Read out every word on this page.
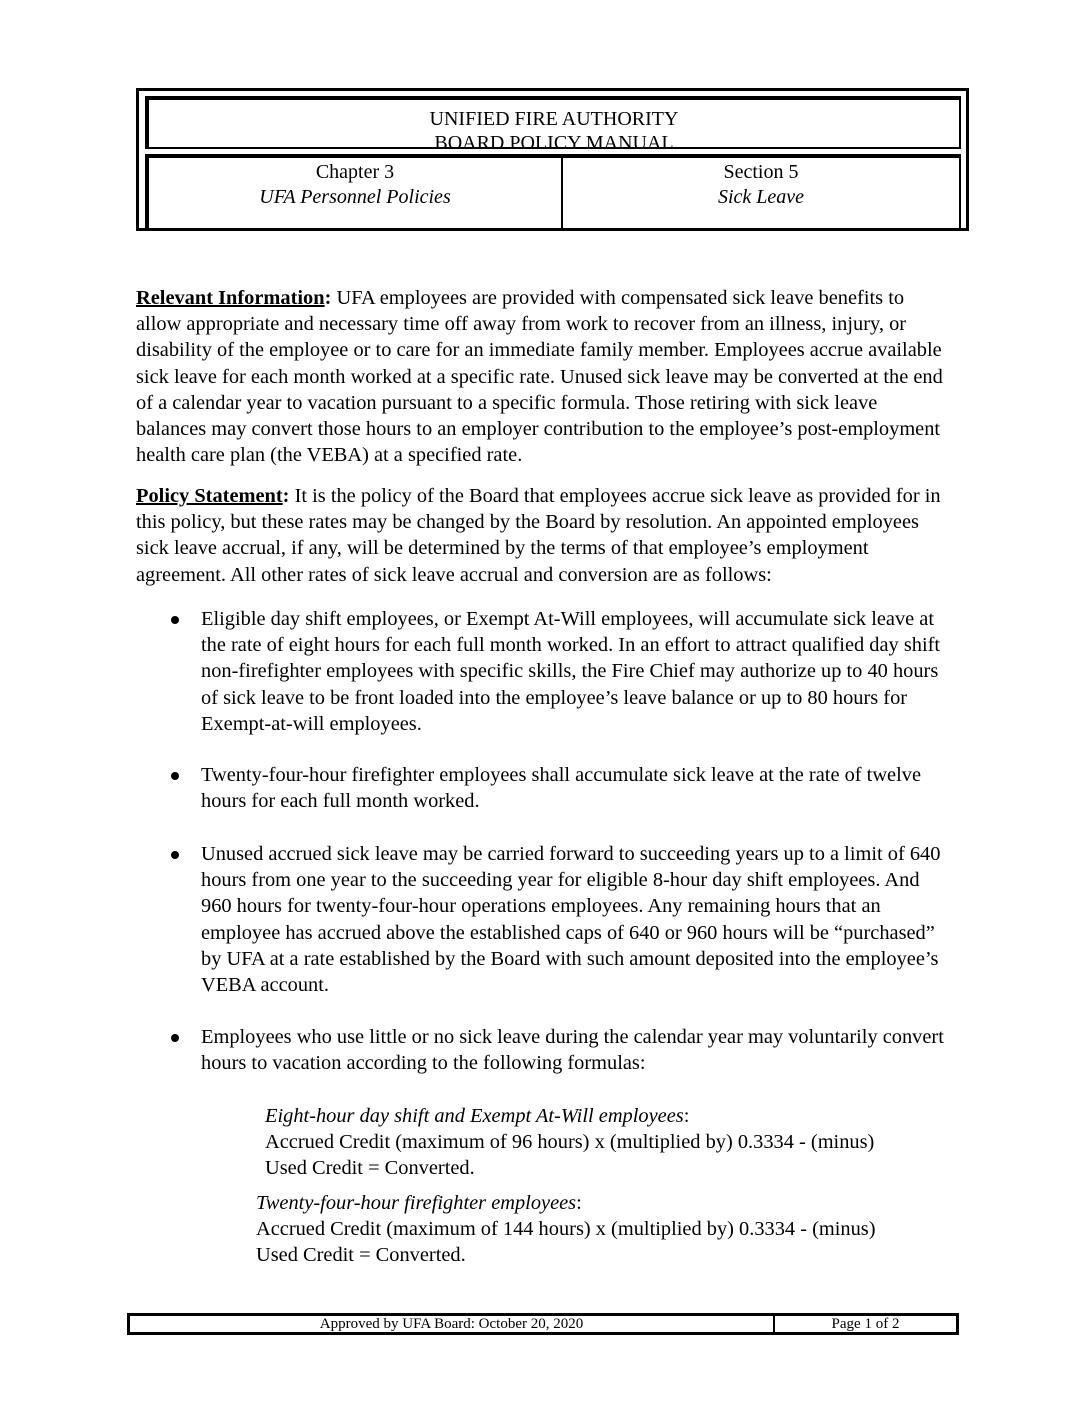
UNIFIED FIRE AUTHORITY
BOARD POLICY MANUAL
Chapter 3
UFA Personnel Policies
Section 5
Sick Leave

Relevant Information: UFA employees are provided with compensated sick leave benefits to allow appropriate and necessary time off away from work to recover from an illness, injury, or disability of the employee or to care for an immediate family member. Employees accrue available sick leave for each month worked at a specific rate. Unused sick leave may be converted at the end of a calendar year to vacation pursuant to a specific formula. Those retiring with sick leave balances may convert those hours to an employer contribution to the employee’s post-employment health care plan (the VEBA) at a specified rate.

Policy Statement: It is the policy of the Board that employees accrue sick leave as provided for in this policy, but these rates may be changed by the Board by resolution. An appointed employees sick leave accrual, if any, will be determined by the terms of that employee’s employment agreement. All other rates of sick leave accrual and conversion are as follows:

Eligible day shift employees, or Exempt At-Will employees, will accumulate sick leave at the rate of eight hours for each full month worked. In an effort to attract qualified day shift non-firefighter employees with specific skills, the Fire Chief may authorize up to 40 hours of sick leave to be front loaded into the employee’s leave balance or up to 80 hours for Exempt-at-will employees.
Twenty-four-hour firefighter employees shall accumulate sick leave at the rate of twelve hours for each full month worked.
Unused accrued sick leave may be carried forward to succeeding years up to a limit of 640 hours from one year to the succeeding year for eligible 8-hour day shift employees. And 960 hours for twenty-four-hour operations employees. Any remaining hours that an employee has accrued above the established caps of 640 or 960 hours will be “purchased” by UFA at a rate established by the Board with such amount deposited into the employee’s VEBA account.
Employees who use little or no sick leave during the calendar year may voluntarily convert hours to vacation according to the following formulas:
Eight-hour day shift and Exempt At-Will employees:
Accrued Credit (maximum of 96 hours) x (multiplied by) 0.3334 - (minus)
Used Credit = Converted.
Twenty-four-hour firefighter employees:
Accrued Credit (maximum of 144 hours) x (multiplied by) 0.3334 - (minus)
Used Credit = Converted.
Approved by UFA Board: October 20, 2020	Page 1 of 2
